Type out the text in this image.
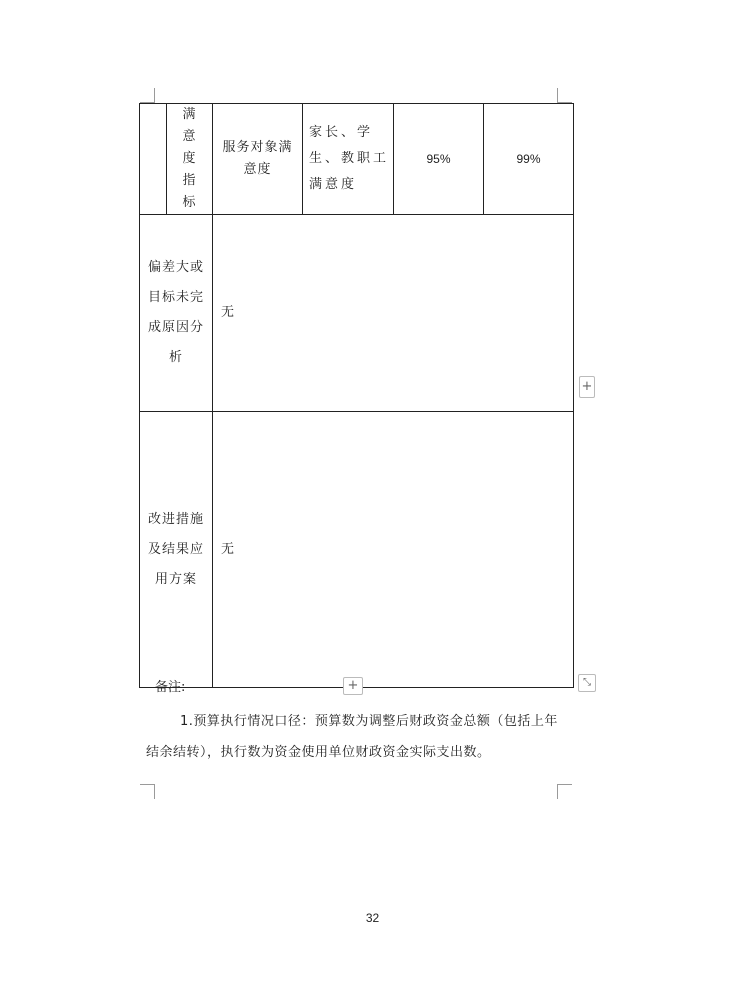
	满意度指标	服务对象满意度	家长、学生、教职工满意度	95%	99%

偏差大或目标未完成原因分析		无			

改进措施及结果应用方案		无			
+
+	⤡
备注:
1.预算执行情况口径：预算数为调整后财政资金总额（包括上年结余结转），执行数为资金使用单位财政资金实际支出数。
32
